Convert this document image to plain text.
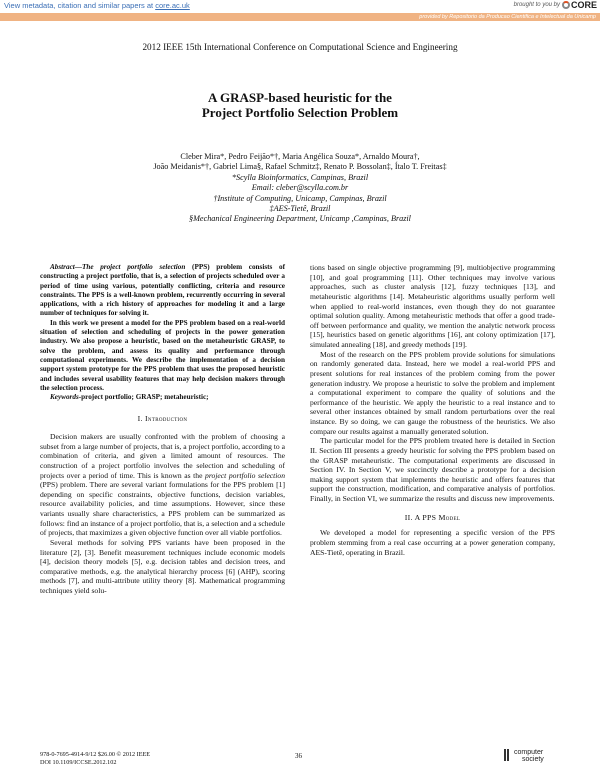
View metadata, citation and similar papers at core.ac.uk	brought to you by	CORE
provided by Repositorio da Producao Cientifica e Intelectual da Unicamp
2012 IEEE 15th International Conference on Computational Science and Engineering
A GRASP-based heuristic for the
Project Portfolio Selection Problem
Cleber Mira*, Pedro Feijão*†, Maria Angélica Souza*, Arnaldo Moura†,
João Meidanis*†, Gabriel Lima§, Rafael Schmitz‡, Renato P. Bossolan‡, Ítalo T. Freitas‡
*Scylla Bioinformatics, Campinas, Brazil
Email: cleber@scylla.com.br
†Institute of Computing, Unicamp, Campinas, Brazil
‡AES-Tietê, Brazil
§Mechanical Engineering Department, Unicamp ,Campinas, Brazil

Abstract—The project portfolio selection (PPS) problem consists of constructing a project portfolio, that is, a selection of projects scheduled over a period of time using various, potentially conflicting, criteria and resource constraints. The PPS is a well-known problem, recurrently occurring in several applications, with a rich history of approaches for modeling it and a large number of techniques for solving it.

In this work we present a model for the PPS problem based on a real-world situation of selection and scheduling of projects in the power generation industry. We also propose a heuristic, based on the metaheuristic GRASP, to solve the problem, and assess its quality and performance through computational experiments. We describe the implementation of a decision support system prototype for the PPS problem that uses the proposed heuristic and includes several usability features that may help decision makers through the selection process.

Keywords-project portfolio; GRASP; metaheuristic;

I. Introduction

Decision makers are usually confronted with the problem of choosing a subset from a large number of projects, that is, a project portfolio, according to a combination of criteria, and given a limited amount of resources. The construction of a project portfolio involves the selection and scheduling of projects over a period of time. This is known as the project portfolio selection (PPS) problem. There are several variant formulations for the PPS problem [1] depending on specific constraints, objective functions, decision variables, resource availability policies, and time assumptions. However, since these variants usually share characteristics, a PPS problem can be summarized as follows: find an instance of a project portfolio, that is, a selection and a schedule of projects, that maximizes a given objective function over all viable portfolios.

Several methods for solving PPS variants have been proposed in the literature [2], [3]. Benefit measurement techniques include economic models [4], decision theory models [5], e.g. decision tables and decision trees, and comparative methods, e.g. the analytical hierarchy process [6] (AHP), scoring methods [7], and multi-attribute utility theory [8]. Mathematical programming techniques yield solu-

tions based on single objective programming [9], multiobjective programming [10], and goal programming [11]. Other techniques may involve various approaches, such as cluster analysis [12], fuzzy techniques [13], and metaheuristic algorithms [14]. Metaheuristic algorithms usually perform well when applied to real-world instances, even though they do not guarantee optimal solution quality. Among metaheuristic methods that offer a good trade-off between performance and quality, we mention the analytic network process [15], heuristics based on genetic algorithms [16], ant colony optimization [17], simulated annealing [18], and greedy methods [19].

Most of the research on the PPS problem provide solutions for simulations on randomly generated data. Instead, here we model a real-world PPS and present solutions for real instances of the problem coming from the power generation industry. We propose a heuristic to solve the problem and implement a computational experiment to compare the quality of solutions and the performance of the heuristic. We apply the heuristic to a real instance and to several other instances obtained by small random perturbations over the real instance. By so doing, we can gauge the robustness of the heuristics. We also compare our results against a manually generated solution.

The particular model for the PPS problem treated here is detailed in Section II. Section III presents a greedy heuristic for solving the PPS problem based on the GRASP metaheuristic. The computational experiments are discussed in Section IV. In Section V, we succinctly describe a prototype for a decision making support system that implements the heuristic and offers features that support the construction, modification, and comparative analysis of portfolios. Finally, in Section VI, we summarize the results and discuss new improvements.

II. A PPS Model

We developed a model for representing a specific version of the PPS problem stemming from a real case occurring at a power generation company, AES-Tietê, operating in Brazil.

978-0-7695-4914-9/12 $26.00 © 2012 IEEE
DOI 10.1109/ICCSE.2012.102
36	computer
society
